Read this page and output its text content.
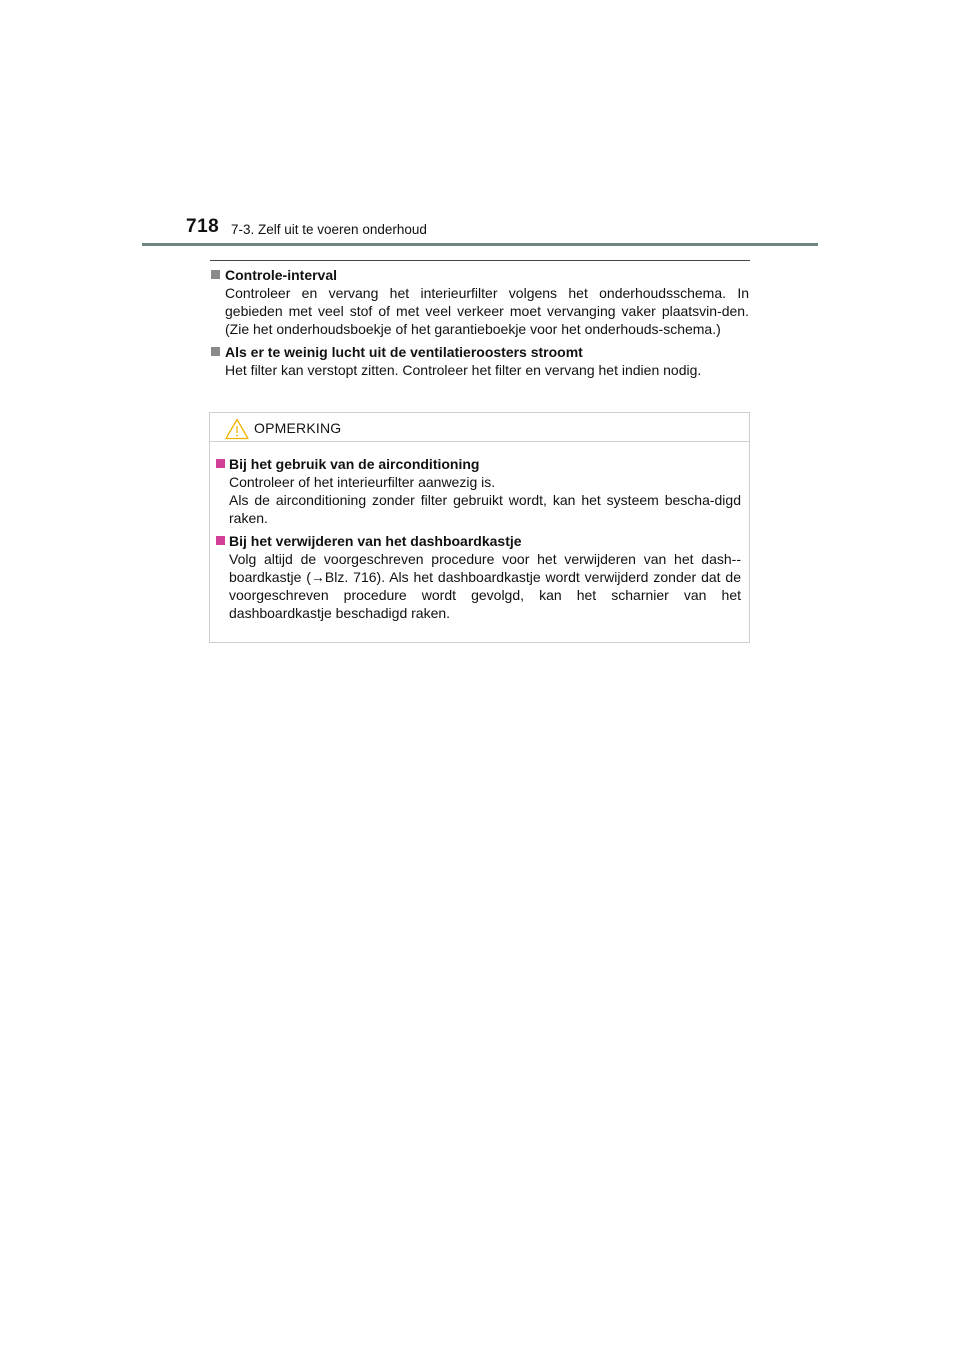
718 7-3. Zelf uit te voeren onderhoud
Controle-interval
Controleer en vervang het interieurfilter volgens het onderhoudsschema. In gebieden met veel stof of met veel verkeer moet vervanging vaker plaatsvin-den. (Zie het onderhoudsboekje of het garantieboekje voor het onderhouds-schema.)
Als er te weinig lucht uit de ventilatieroosters stroomt
Het filter kan verstopt zitten. Controleer het filter en vervang het indien nodig.
OPMERKING
Bij het gebruik van de airconditioning
Controleer of het interieurfilter aanwezig is.
Als de airconditioning zonder filter gebruikt wordt, kan het systeem bescha-digd raken.
Bij het verwijderen van het dashboardkastje
Volg altijd de voorgeschreven procedure voor het verwijderen van het dash-boardkastje (→Blz. 716). Als het dashboardkastje wordt verwijderd zonder dat de voorgeschreven procedure wordt gevolgd, kan het scharnier van het dashboardkastje beschadigd raken.
